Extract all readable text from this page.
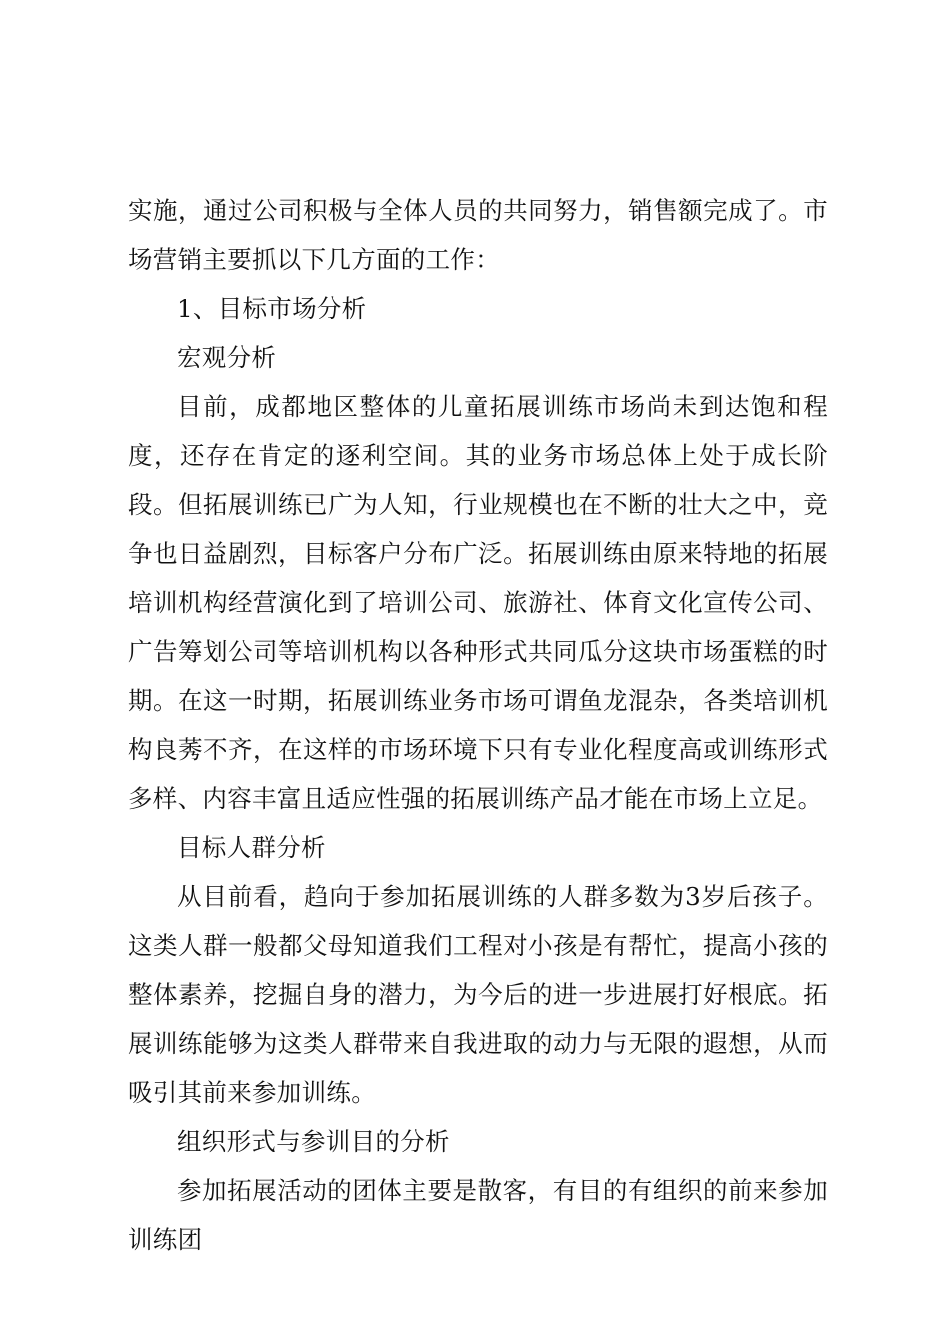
实施，通过公司积极与全体人员的共同努力，销售额完成了。市场营销主要抓以下几方面的工作：

1、目标市场分析

宏观分析

目前，成都地区整体的儿童拓展训练市场尚未到达饱和程度，还存在肯定的逐利空间。其的业务市场总体上处于成长阶段。但拓展训练已广为人知，行业规模也在不断的壮大之中，竞争也日益剧烈，目标客户分布广泛。拓展训练由原来特地的拓展培训机构经营演化到了培训公司、旅游社、体育文化宣传公司、广告筹划公司等培训机构以各种形式共同瓜分这块市场蛋糕的时期。在这一时期，拓展训练业务市场可谓鱼龙混杂，各类培训机构良莠不齐，在这样的市场环境下只有专业化程度高或训练形式多样、内容丰富且适应性强的拓展训练产品才能在市场上立足。

目标人群分析

从目前看，趋向于参加拓展训练的人群多数为3岁后孩子。这类人群一般都父母知道我们工程对小孩是有帮忙，提高小孩的整体素养，挖掘自身的潜力，为今后的进一步进展打好根底。拓展训练能够为这类人群带来自我进取的动力与无限的遐想，从而吸引其前来参加训练。

组织形式与参训目的分析

参加拓展活动的团体主要是散客，有目的有组织的前来参加训练团
